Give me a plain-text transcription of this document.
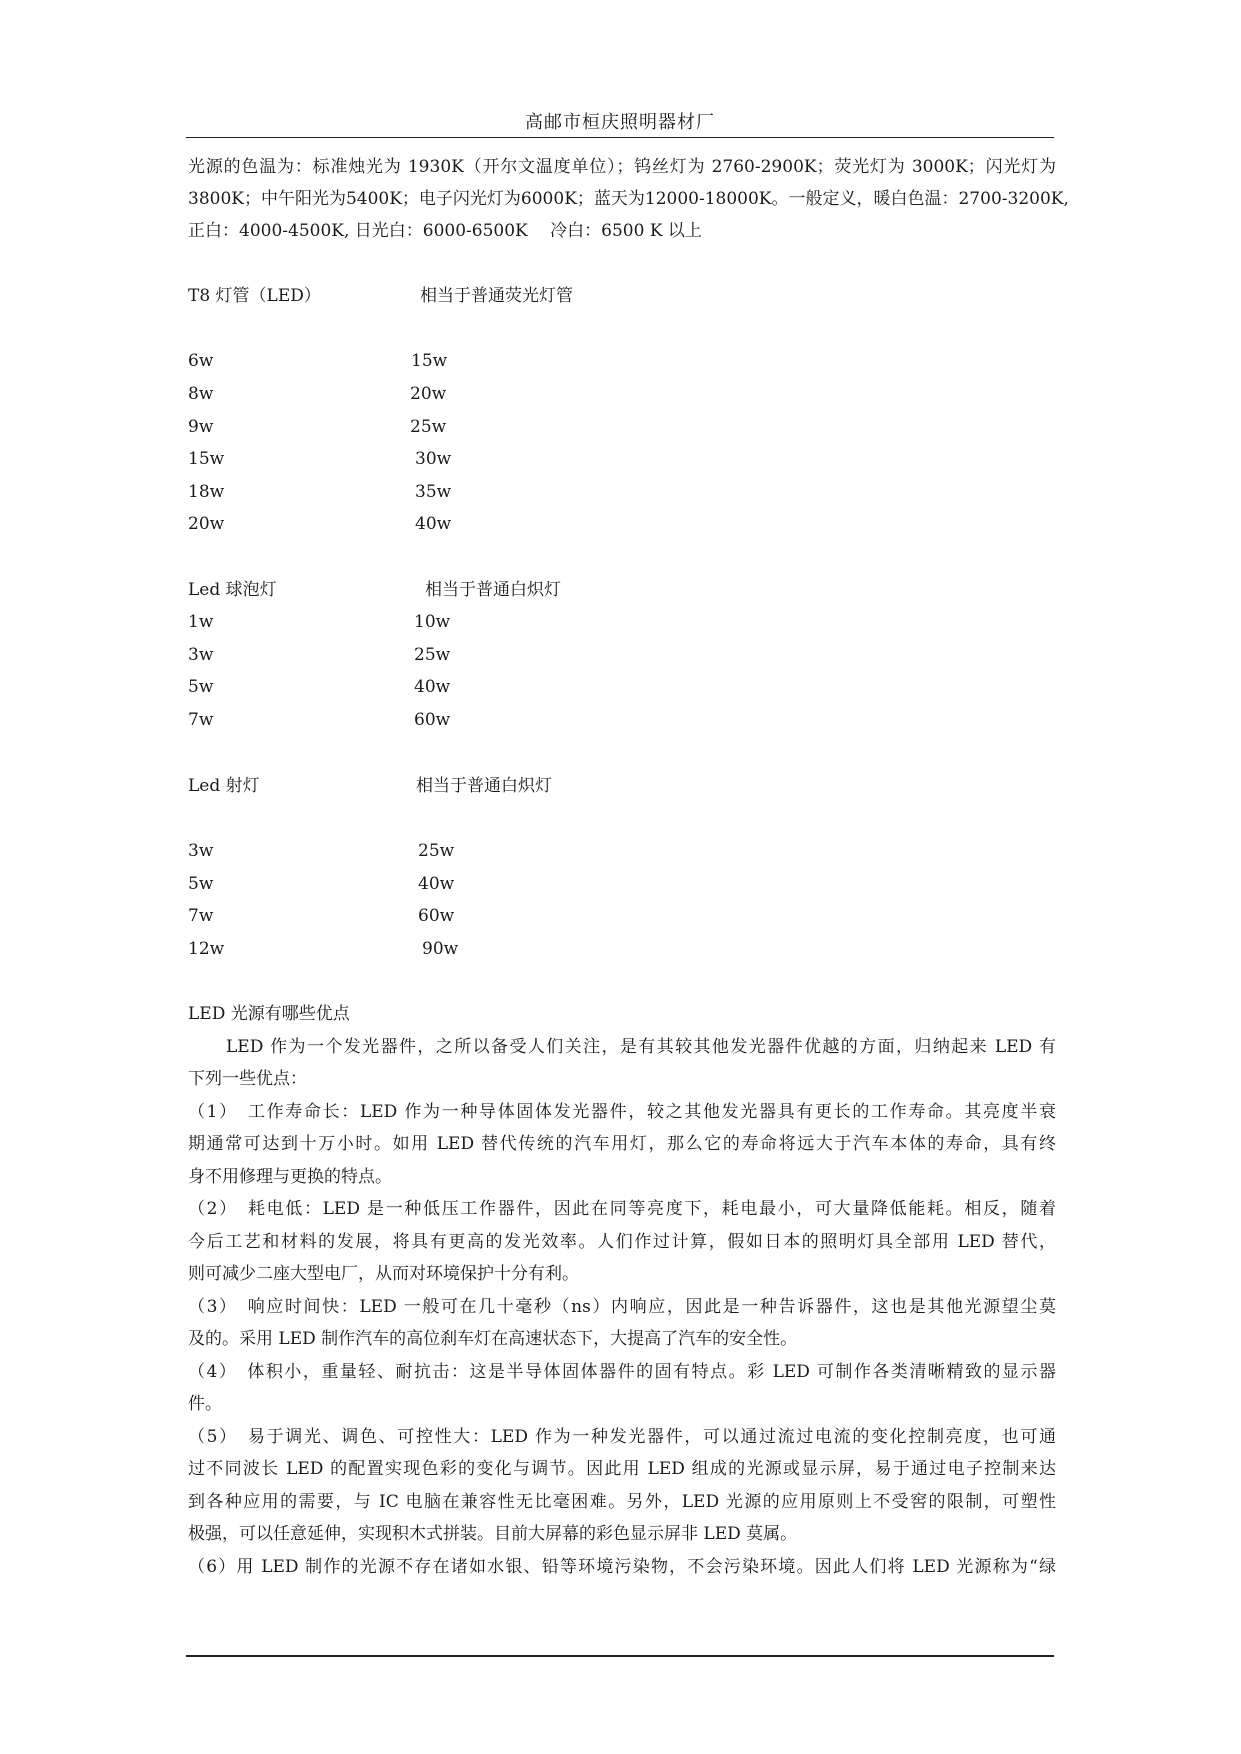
高邮市桓庆照明器材厂
光源的色温为：标准烛光为 1930K（开尔文温度单位）；钨丝灯为 2760-2900K；荧光灯为 3000K；闪光灯为
3800K；中午阳光为5400K；电子闪光灯为6000K；蓝天为12000-18000K。一般定义，暖白色温：2700-3200K,
正白：4000-4500K, 日光白：6000-6500K　 冷白：6500 K 以上
T8 灯管（LED）	相当于普通荧光灯管
6w	15w
8w	20w
9w	25w
15w	30w
18w	35w
20w	40w
Led 球泡灯	相当于普通白炽灯
1w	10w
3w	25w
5w	40w
7w	60w
Led 射灯	相当于普通白炽灯
3w	25w
5w	40w
7w	60w
12w	90w
LED 光源有哪些优点
LED 作为一个发光器件，之所以备受人们关注，是有其较其他发光器件优越的方面，归纳起来 LED 有
下列一些优点：
（1）　工作寿命长：LED 作为一种导体固体发光器件，较之其他发光器具有更长的工作寿命。其亮度半衰
期通常可达到十万小时。如用 LED 替代传统的汽车用灯，那么它的寿命将远大于汽车本体的寿命，具有终
身不用修理与更换的特点。
（2）　耗电低：LED 是一种低压工作器件，因此在同等亮度下，耗电最小，可大量降低能耗。相反，随着
今后工艺和材料的发展，将具有更高的发光效率。人们作过计算，假如日本的照明灯具全部用 LED 替代，
则可减少二座大型电厂，从而对环境保护十分有利。
（3）　响应时间快：LED 一般可在几十毫秒（ns）内响应，因此是一种告诉器件，这也是其他光源望尘莫
及的。采用 LED 制作汽车的高位刹车灯在高速状态下，大提高了汽车的安全性。
（4）　体积小，重量轻、耐抗击：这是半导体固体器件的固有特点。彩 LED 可制作各类清晰精致的显示器
件。
（5）　易于调光、调色、可控性大：LED 作为一种发光器件，可以通过流过电流的变化控制亮度，也可通
过不同波长 LED 的配置实现色彩的变化与调节。因此用 LED 组成的光源或显示屏，易于通过电子控制来达
到各种应用的需要，与 IC 电脑在兼容性无比毫困难。另外，LED 光源的应用原则上不受窖的限制，可塑性
极强，可以任意延伸，实现积木式拼装。目前大屏幕的彩色显示屏非 LED 莫属。
（6）用 LED 制作的光源不存在诸如水银、铅等环境污染物，不会污染环境。因此人们将 LED 光源称为“绿
